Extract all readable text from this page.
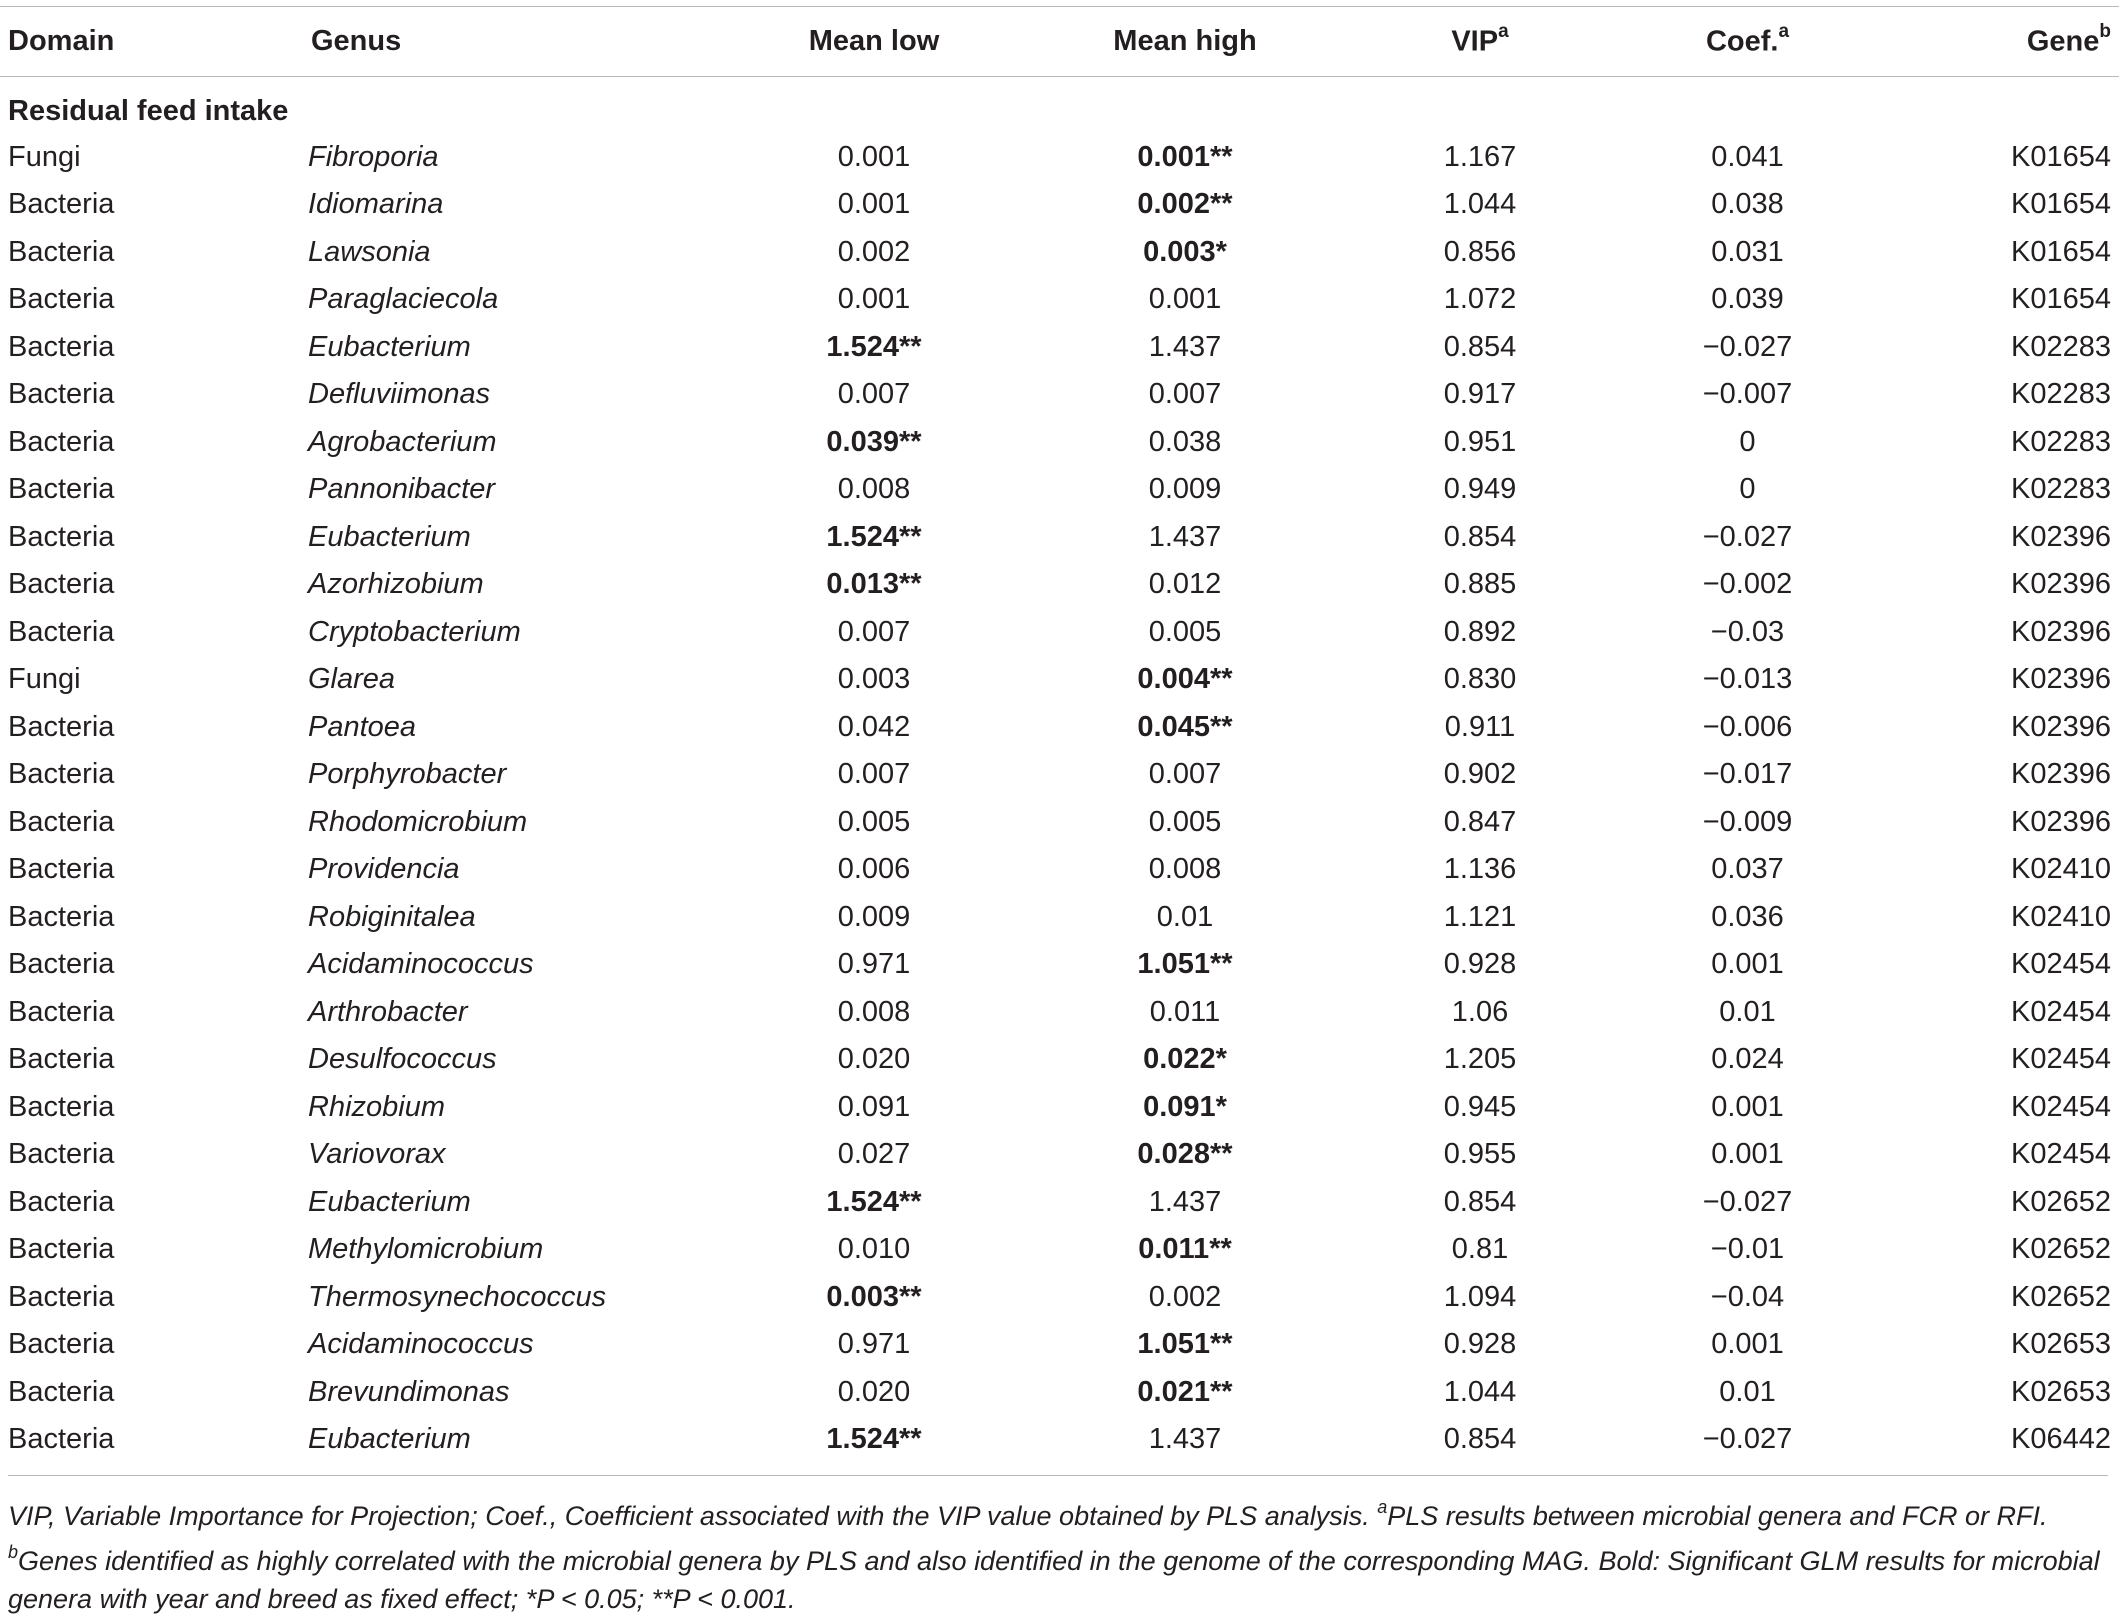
Domain	Genus	Mean low	Mean high	VIP$^a$	Coef.$^a$	Gene$^b$
Residual feed intake						
Fungi	Fibroporia	0.001	0.001**	1.167	0.041	K01654
Bacteria	Idiomarina	0.001	0.002**	1.044	0.038	K01654
Bacteria	Lawsonia	0.002	0.003*	0.856	0.031	K01654
Bacteria	Paraglaciecola	0.001	0.001	1.072	0.039	K01654
Bacteria	Eubacterium	1.524**	1.437	0.854	−0.027	K02283
Bacteria	Defluviimonas	0.007	0.007	0.917	−0.007	K02283
Bacteria	Agrobacterium	0.039**	0.038	0.951	0	K02283
Bacteria	Pannonibacter	0.008	0.009	0.949	0	K02283
Bacteria	Eubacterium	1.524**	1.437	0.854	−0.027	K02396
Bacteria	Azorhizobium	0.013**	0.012	0.885	−0.002	K02396
Bacteria	Cryptobacterium	0.007	0.005	0.892	−0.03	K02396
Fungi	Glarea	0.003	0.004**	0.830	−0.013	K02396
Bacteria	Pantoea	0.042	0.045**	0.911	−0.006	K02396
Bacteria	Porphyrobacter	0.007	0.007	0.902	−0.017	K02396
Bacteria	Rhodomicrobium	0.005	0.005	0.847	−0.009	K02396
Bacteria	Providencia	0.006	0.008	1.136	0.037	K02410
Bacteria	Robiginitalea	0.009	0.01	1.121	0.036	K02410
Bacteria	Acidaminococcus	0.971	1.051**	0.928	0.001	K02454
Bacteria	Arthrobacter	0.008	0.011	1.06	0.01	K02454
Bacteria	Desulfococcus	0.020	0.022*	1.205	0.024	K02454
Bacteria	Rhizobium	0.091	0.091*	0.945	0.001	K02454
Bacteria	Variovorax	0.027	0.028**	0.955	0.001	K02454
Bacteria	Eubacterium	1.524**	1.437	0.854	−0.027	K02652
Bacteria	Methylomicrobium	0.010	0.011**	0.81	−0.01	K02652
Bacteria	Thermosynechococcus	0.003**	0.002	1.094	−0.04	K02652
Bacteria	Acidaminococcus	0.971	1.051**	0.928	0.001	K02653
Bacteria	Brevundimonas	0.020	0.021**	1.044	0.01	K02653
Bacteria	Eubacterium	1.524**	1.437	0.854	−0.027	K06442
VIP, Variable Importance for Projection; Coef., Coefficient associated with the VIP value obtained by PLS analysis. $^a$PLS results between microbial genera and FCR or RFI.
$^b$Genes identified as highly correlated with the microbial genera by PLS and also identified in the genome of the corresponding MAG. Bold: Significant GLM results for microbial genera with year and breed as fixed effect; *P < 0.05; **P < 0.001.
